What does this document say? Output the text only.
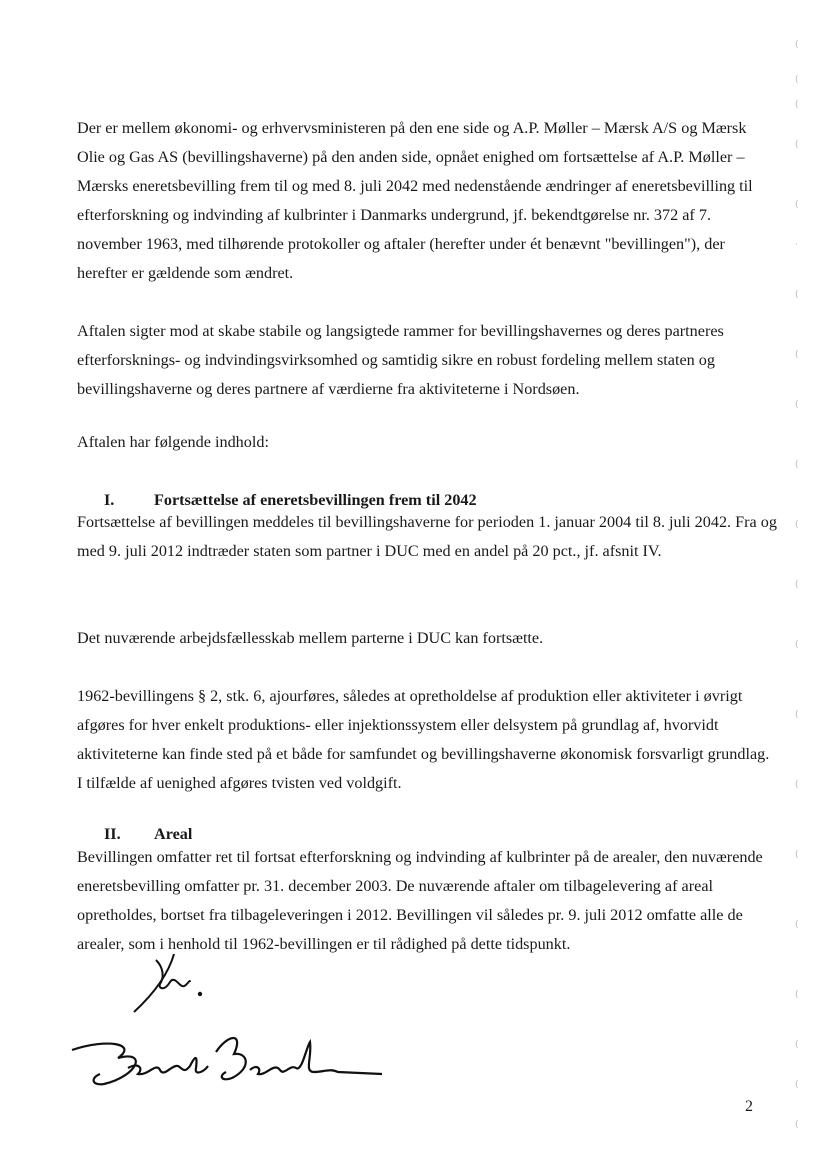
Der er mellem økonomi- og erhvervsministeren på den ene side og A.P. Møller – Mærsk A/S og Mærsk Olie og Gas AS (bevillingshaverne) på den anden side, opnået enighed om fortsættelse af A.P. Møller – Mærsks eneretsbevilling frem til og med 8. juli 2042 med nedenstående ændringer af eneretsbevilling til efterforskning og indvinding af kulbrinter i Danmarks undergrund, jf. bekendtgørelse nr. 372 af 7. november 1963, med tilhørende protokoller og aftaler (herefter under ét benævnt "bevillingen"), der herefter er gældende som ændret.

Aftalen sigter mod at skabe stabile og langsigtede rammer for bevillingshavernes og deres partneres efterforsknings- og indvindingsvirksomhed og samtidig sikre en robust fordeling mellem staten og bevillingshaverne og deres partnere af værdierne fra aktiviteterne i Nordsøen.

Aftalen har følgende indhold:

I. Fortsættelse af eneretsbevillingen frem til 2042

Fortsættelse af bevillingen meddeles til bevillingshaverne for perioden 1. januar 2004 til 8. juli 2042. Fra og med 9. juli 2012 indtræder staten som partner i DUC med en andel på 20 pct., jf. afsnit IV.

Det nuværende arbejdsfællesskab mellem parterne i DUC kan fortsætte.

1962-bevillingens § 2, stk. 6, ajourføres, således at opretholdelse af produktion eller aktiviteter i øvrigt afgøres for hver enkelt produktions- eller injektionssystem eller delsystem på grundlag af, hvorvidt aktiviteterne kan finde sted på et både for samfundet og bevillingshaverne økonomisk forsvarligt grundlag. I tilfælde af uenighed afgøres tvisten ved voldgift.

II. Areal

Bevillingen omfatter ret til fortsat efterforskning og indvinding af kulbrinter på de arealer, den nuværende eneretsbevilling omfatter pr. 31. december 2003. De nuværende aftaler om tilbagelevering af areal opretholdes, bortset fra tilbageleveringen i 2012. Bevillingen vil således pr. 9. juli 2012 omfatte alle de arealer, som i henhold til 1962-bevillingen er til rådighed på dette tidspunkt.

2
(
(
(
(
(
·
(
(
(
(
(
(
(
(
(
(
(
(
(
(
(
